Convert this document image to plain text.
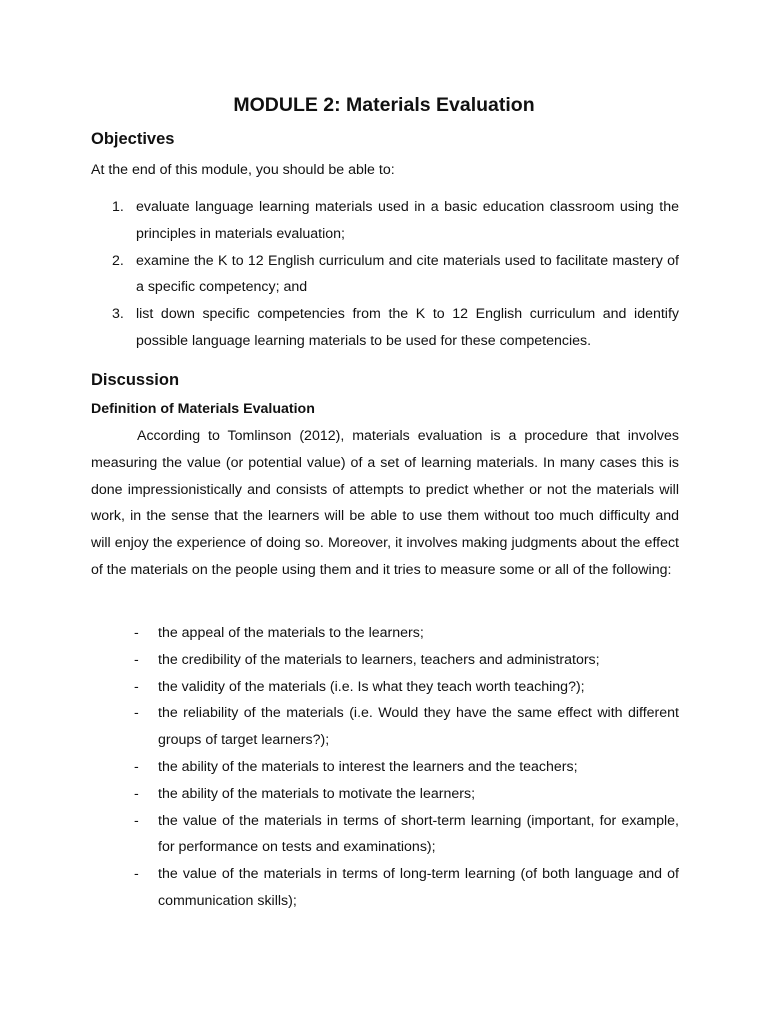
MODULE 2: Materials Evaluation
Objectives

At the end of this module, you should be able to:

1. evaluate language learning materials used in a basic education classroom using the principles in materials evaluation;
2. examine the K to 12 English curriculum and cite materials used to facilitate mastery of a specific competency; and
3. list down specific competencies from the K to 12 English curriculum and identify possible language learning materials to be used for these competencies.
Discussion
Definition of Materials Evaluation

According to Tomlinson (2012), materials evaluation is a procedure that involves measuring the value (or potential value) of a set of learning materials. In many cases this is done impressionistically and consists of attempts to predict whether or not the materials will work, in the sense that the learners will be able to use them without too much difficulty and will enjoy the experience of doing so. Moreover, it involves making judgments about the effect of the materials on the people using them and it tries to measure some or all of the following:

- the appeal of the materials to the learners;
- the credibility of the materials to learners, teachers and administrators;
- the validity of the materials (i.e. Is what they teach worth teaching?);
- the reliability of the materials (i.e. Would they have the same effect with different groups of target learners?);
- the ability of the materials to interest the learners and the teachers;
- the ability of the materials to motivate the learners;
- the value of the materials in terms of short-term learning (important, for example, for performance on tests and examinations);
- the value of the materials in terms of long-term learning (of both language and of communication skills);
